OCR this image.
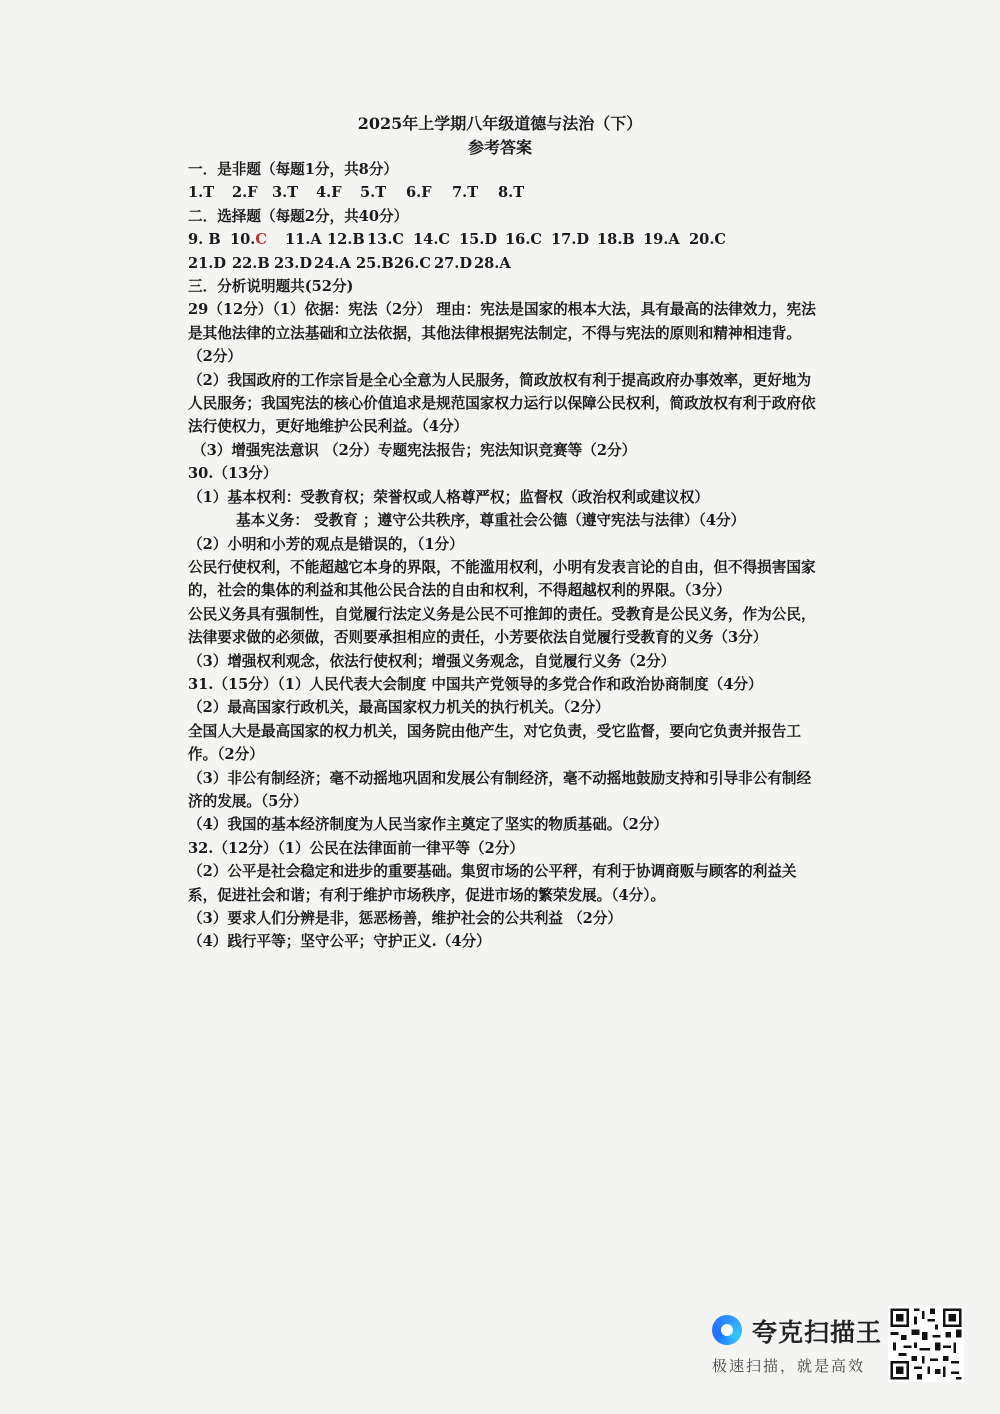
2025年上学期八年级道德与法治（下）
参考答案
一．是非题（每题1分，共8分）
1.T 2.F 3.T 4.F 5.T 6.F 7.T 8.T
二．选择题（每题2分，共40分）
9. B 10.C 11.A 12.B 13.C 14.C 15.D 16.C 17.D 18.B 19.A 20.C
21.D 22.B 23.D 24.A 25.B26.C 27.D 28.A
三．分析说明题共(52分)
29（12分）（1）依据：宪法（2分） 理由：宪法是国家的根本大法，具有最高的法律效力，宪法是其他法律的立法基础和立法依据，其他法律根据宪法制定，不得与宪法的原则和精神相违背。（2分）
（2）我国政府的工作宗旨是全心全意为人民服务，简政放权有利于提高政府办事效率，更好地为人民服务；我国宪法的核心价值追求是规范国家权力运行以保障公民权利，简政放权有利于政府依法行使权力，更好地维护公民利益。（4分）
（3）增强宪法意识 （2分）专题宪法报告；宪法知识竞赛等（2分）
30.（13分）
（1）基本权利：受教育权；荣誉权或人格尊严权；监督权（政治权利或建议权）
基本义务： 受教育 ；遵守公共秩序，尊重社会公德（遵守宪法与法律）（4分）
（2）小明和小芳的观点是错误的，（1分）
公民行使权利，不能超越它本身的界限，不能滥用权利，小明有发表言论的自由，但不得损害国家的，社会的集体的利益和其他公民合法的自由和权利，不得超越权利的界限。（3分）
公民义务具有强制性，自觉履行法定义务是公民不可推卸的责任。受教育是公民义务，作为公民，法律要求做的必须做，否则要承担相应的责任，小芳要依法自觉履行受教育的义务（3分）
（3）增强权利观念，依法行使权利；增强义务观念，自觉履行义务（2分）
31.（15分）（1）人民代表大会制度 中国共产党领导的多党合作和政治协商制度（4分）
（2）最高国家行政机关，最高国家权力机关的执行机关。（2分）
全国人大是最高国家的权力机关，国务院由他产生，对它负责，受它监督，要向它负责并报告工作。（2分）
（3）非公有制经济；毫不动摇地巩固和发展公有制经济，毫不动摇地鼓励支持和引导非公有制经济的发展。（5分）
（4）我国的基本经济制度为人民当家作主奠定了坚实的物质基础。（2分）
32.（12分）（1）公民在法律面前一律平等（2分）
（2）公平是社会稳定和进步的重要基础。集贸市场的公平秤，有利于协调商贩与顾客的利益关系，促进社会和谐；有利于维护市场秩序，促进市场的繁荣发展。（4分）。
（3）要求人们分辨是非，惩恶杨善，维护社会的公共利益 （2分）
（4）践行平等；坚守公平；守护正义.（4分）
夸克扫描王
极速扫描，就是高效
